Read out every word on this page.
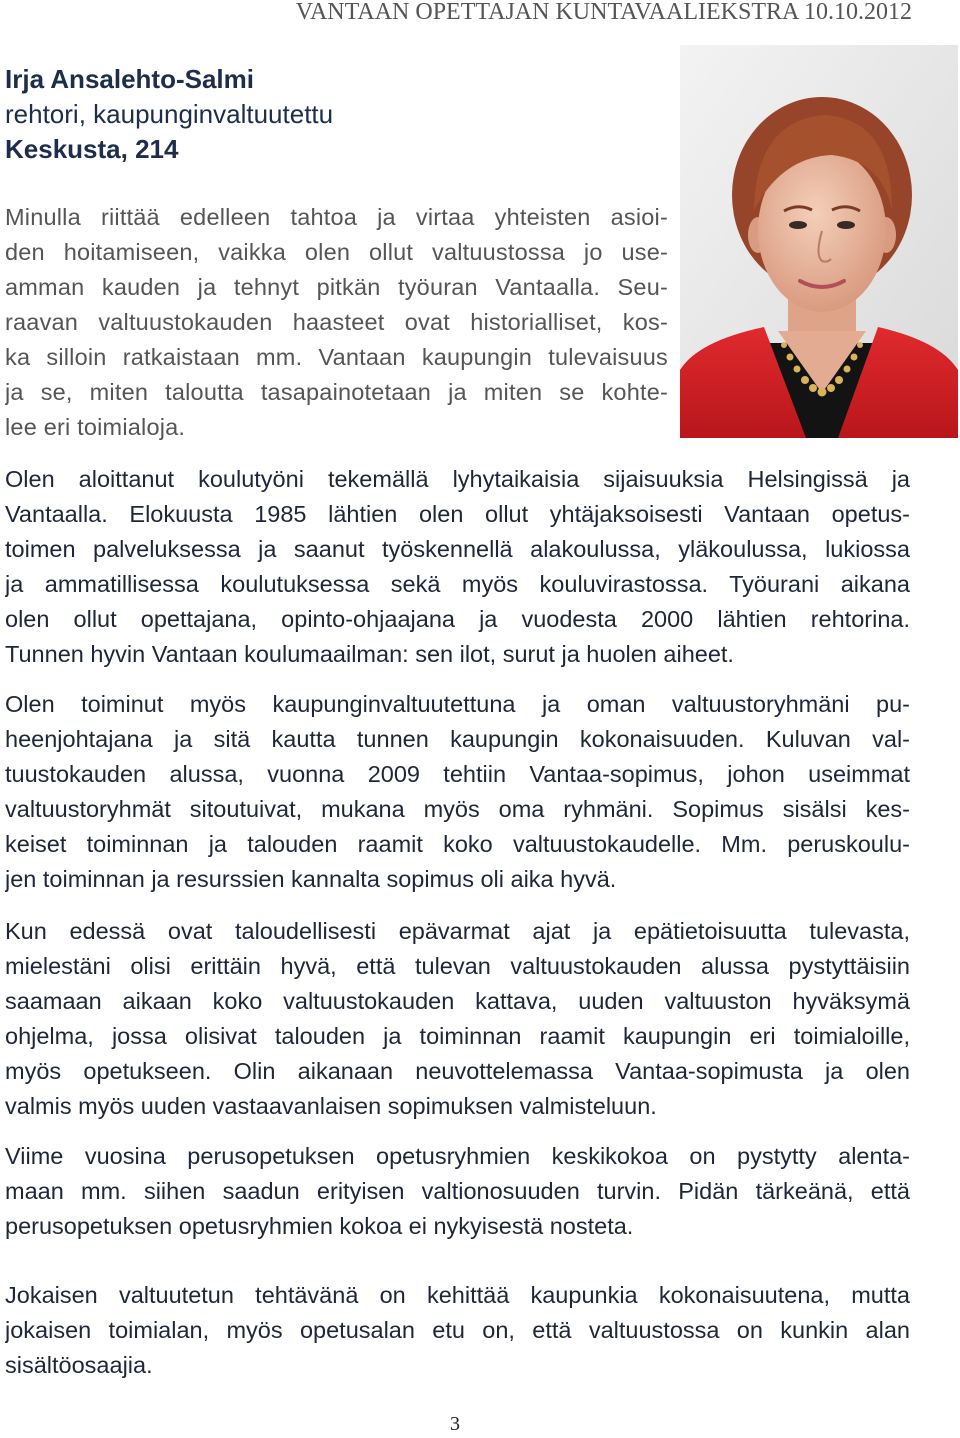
VANTAAN OPETTAJAN KUNTAVAALIEKSTRA 10.10.2012
Irja Ansalehto-Salmi
rehtori, kaupunginvaltuutettu
Keskusta, 214
Minulla riittää edelleen tahtoa ja virtaa yhteisten asioi-
den hoitamiseen, vaikka olen ollut valtuustossa jo use-
amman kauden ja tehnyt pitkän työuran Vantaalla. Seu-
raavan valtuustokauden haasteet ovat historialliset, kos-
ka silloin ratkaistaan mm. Vantaan kaupungin tulevaisuus
ja se, miten taloutta tasapainotetaan ja miten se kohte-
lee eri toimialoja.
Olen aloittanut koulutyöni tekemällä lyhytaikaisia sijaisuuksia Helsingissä ja
Vantaalla. Elokuusta 1985 lähtien olen ollut yhtäjaksoisesti Vantaan opetus-
toimen palveluksessa ja saanut työskennellä alakoulussa, yläkoulussa, lukiossa
ja ammatillisessa koulutuksessa sekä myös kouluvirastossa. Työurani aikana
olen ollut opettajana, opinto-ohjaajana ja vuodesta 2000 lähtien rehtorina.
Tunnen hyvin Vantaan koulumaailman: sen ilot, surut ja huolen aiheet.
Olen toiminut myös kaupunginvaltuutettuna ja oman valtuustoryhmäni pu-
heenjohtajana ja sitä kautta tunnen kaupungin kokonaisuuden. Kuluvan val-
tuustokauden alussa, vuonna 2009 tehtiin Vantaa-sopimus, johon useimmat
valtuustoryhmät sitoutuivat, mukana myös oma ryhmäni. Sopimus sisälsi kes-
keiset toiminnan ja talouden raamit koko valtuustokaudelle. Mm. peruskoulu-
jen toiminnan ja resurssien kannalta sopimus oli aika hyvä.
Kun edessä ovat taloudellisesti epävarmat ajat ja epätietoisuutta tulevasta,
mielestäni olisi erittäin hyvä, että tulevan valtuustokauden alussa pystyttäisiin
saamaan aikaan koko valtuustokauden kattava, uuden valtuuston hyväksymä
ohjelma, jossa olisivat talouden ja toiminnan raamit kaupungin eri toimialoille,
myös opetukseen. Olin aikanaan neuvottelemassa Vantaa-sopimusta ja olen
valmis myös uuden vastaavanlaisen sopimuksen valmisteluun.
Viime vuosina perusopetuksen opetusryhmien keskikokoa on pystytty alenta-
maan mm. siihen saadun erityisen valtionosuuden turvin. Pidän tärkeänä, että
perusopetuksen opetusryhmien kokoa ei nykyisestä nosteta.
Jokaisen valtuutetun tehtävänä on kehittää kaupunkia kokonaisuutena, mutta
jokaisen toimialan, myös opetusalan etu on, että valtuustossa on kunkin alan
sisältöosaajia.
3
